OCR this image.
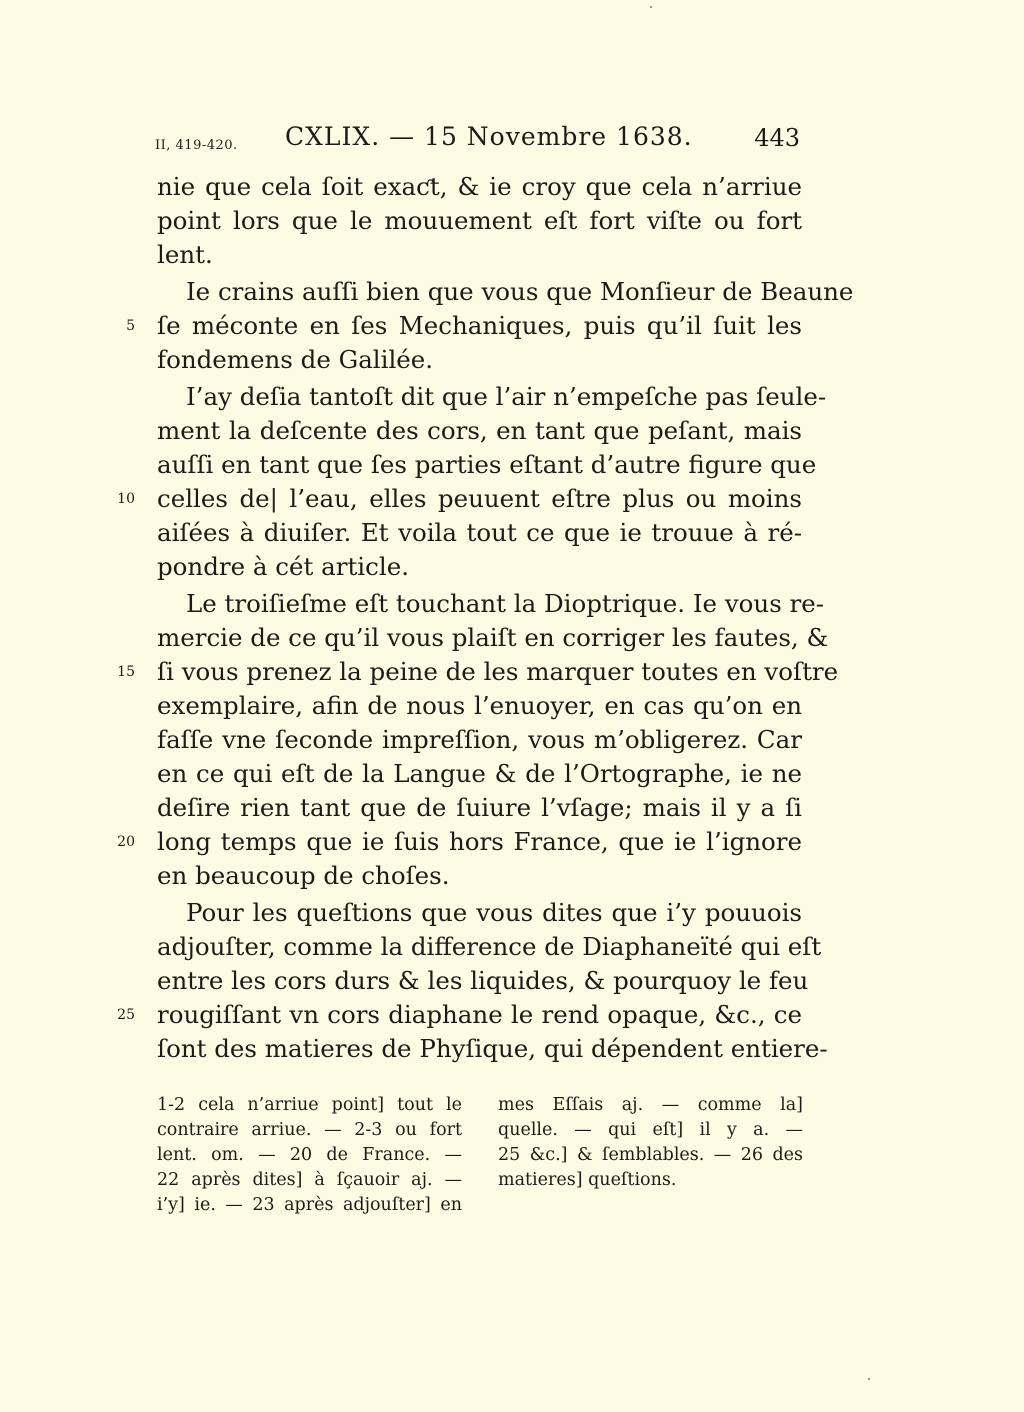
II, 419-420. CXLIX. — 15 Novembre 1638.	443
nie que cela ſoit exaƈt, & ie croy que cela n’arriue
point lors que le mouuement eſt fort viſte ou fort
lent.
Ie crains auſſi bien que vous que Monſieur de Beaune
5 ſe méconte en ſes Mechaniques, puis qu’il ſuit les
fondemens de Galilée.
I’ay deſia tantoſt dit que l’air n’empeſche pas ſeule-
ment la deſcente des cors, en tant que peſant, mais
auſſi en tant que ſes parties eſtant d’autre figure que
10 celles de| l’eau, elles peuuent eſtre plus ou moins
aiſées à diuiſer. Et voila tout ce que ie trouue à ré-
pondre à cét article.
Le troiſieſme eſt touchant la Dioptrique. Ie vous re-
mercie de ce qu’il vous plaiſt en corriger les fautes, &
15 ſi vous prenez la peine de les marquer toutes en voſtre
exemplaire, afin de nous l’enuoyer, en cas qu’on en
faſſe vne ſeconde impreſſion, vous m’obligerez. Car
en ce qui eſt de la Langue & de l’Ortographe, ie ne
deſire rien tant que de ſuiure l’vſage; mais il y a ſi
20 long temps que ie ſuis hors France, que ie l’ignore
en beaucoup de choſes.
Pour les queſtions que vous dites que i’y pouuois
adjouſter, comme la difference de Diaphaneïté qui eſt
entre les cors durs & les liquides, & pourquoy le feu
25 rougiſſant vn cors diaphane le rend opaque, &c., ce
ſont des matieres de Phyſique, qui dépendent entiere-
1-2 cela n’arriue point] tout le
contraire arriue. — 2-3 ou fort
lent. om. — 20 de France. —
22 après dites] à ſçauoir aj. —
i’y] ie. — 23 après adjouſter] en
mes Eſſais aj. — comme la]
quelle. — qui eſt] il y a. —
25 &c.] & ſemblables. — 26 des
matieres] queſtions.
